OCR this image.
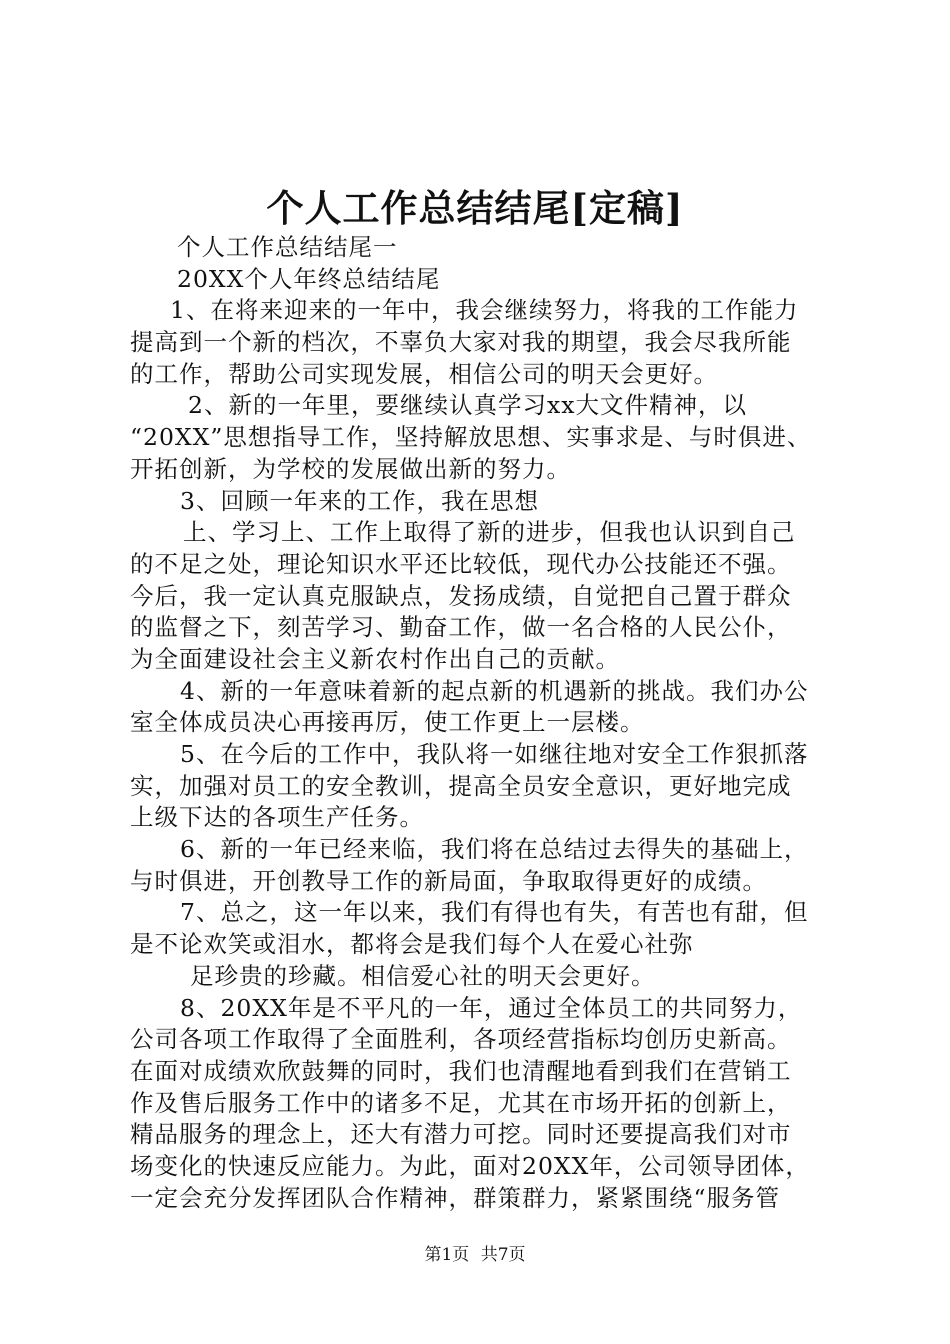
个人工作总结结尾[定稿]
个人工作总结结尾一
20XX个人年终总结结尾
1、在将来迎来的一年中，我会继续努力，将我的工作能力
提高到一个新的档次，不辜负大家对我的期望，我会尽我所能
的工作，帮助公司实现发展，相信公司的明天会更好。
2、新的一年里，要继续认真学习xx大文件精神，以
“20XX”思想指导工作，坚持解放思想、实事求是、与时俱进、
开拓创新，为学校的发展做出新的努力。
3、回顾一年来的工作，我在思想
上、学习上、工作上取得了新的进步，但我也认识到自己
的不足之处，理论知识水平还比较低，现代办公技能还不强。
今后，我一定认真克服缺点，发扬成绩，自觉把自己置于群众
的监督之下，刻苦学习、勤奋工作，做一名合格的人民公仆，
为全面建设社会主义新农村作出自己的贡献。
4、新的一年意味着新的起点新的机遇新的挑战。我们办公
室全体成员决心再接再厉，使工作更上一层楼。
5、在今后的工作中，我队将一如继往地对安全工作狠抓落
实，加强对员工的安全教训，提高全员安全意识，更好地完成
上级下达的各项生产任务。
6、新的一年已经来临，我们将在总结过去得失的基础上，
与时俱进，开创教导工作的新局面，争取取得更好的成绩。
7、总之，这一年以来，我们有得也有失，有苦也有甜，但
是不论欢笑或泪水，都将会是我们每个人在爱心社弥
足珍贵的珍藏。相信爱心社的明天会更好。
8、20XX年是不平凡的一年，通过全体员工的共同努力，
公司各项工作取得了全面胜利，各项经营指标均创历史新高。
在面对成绩欢欣鼓舞的同时，我们也清醒地看到我们在营销工
作及售后服务工作中的诸多不足，尤其在市场开拓的创新上，
精品服务的理念上，还大有潜力可挖。同时还要提高我们对市
场变化的快速反应能力。为此，面对20XX年，公司领导团体，
一定会充分发挥团队合作精神，群策群力，紧紧围绕“服务管
第1页 共7页
